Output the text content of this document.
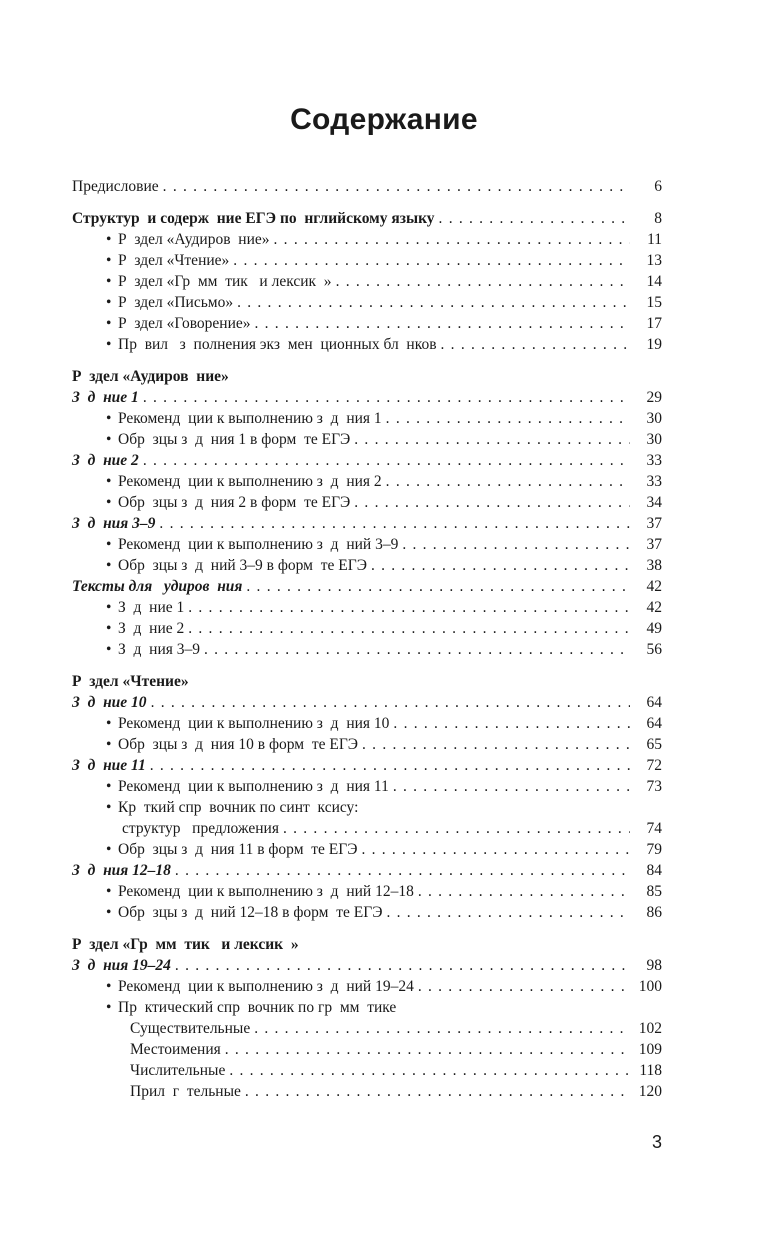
Содержание
Предисловие . . .	6
Структур  и содерж  ние ЕГЭ по  нглийскому языку . . .	8
• Р  здел «Аудиров  ние» . . .	11
• Р  здел «Чтение» . . .	13
• Р  здел «Гр  мм  тик   и лексик  » . . .	14
• Р  здел «Письмо» . . .	15
• Р  здел «Говорение» . . .	17
• Пр  вил   з  полнения экз  мен  ционных бл  нков . . .	19
Р  здел «Аудиров  ние»
З  д  ние 1 . . .	29
• Рекоменд  ции к выполнению з  д  ния 1 . . .	30
• Обр  зцы з  д  ния 1 в форм  те ЕГЭ . . .	30
З  д  ние 2 . . .	33
• Рекоменд  ции к выполнению з  д  ния 2 . . .	33
• Обр  зцы з  д  ния 2 в форм  те ЕГЭ . . .	34
З  д  ния 3–9 . . .	37
• Рекоменд  ции к выполнению з  д  ний 3–9 . . .	37
• Обр  зцы з  д  ний 3–9 в форм  те ЕГЭ . . .	38
Тексты для   удиров  ния . . .	42
• З  д  ние 1 . . .	42
• З  д  ние 2 . . .	49
• З  д  ния 3–9 . . .	56
Р  здел «Чтение»
З  д  ние 10 . . .	64
• Рекоменд  ции к выполнению з  д  ния 10 . . .	64
• Обр  зцы з  д  ния 10 в форм  те ЕГЭ . . .	65
З  д  ние 11 . . .	72
• Рекоменд  ции к выполнению з  д  ния 11 . . .	73
• Кр  ткий спр  вочник по синт  ксису:
структур   предложения . . .	74
• Обр  зцы з  д  ния 11 в форм  те ЕГЭ . . .	79
З  д  ния 12–18 . . .	84
• Рекоменд  ции к выполнению з  д  ний 12–18 . . .	85
• Обр  зцы з  д  ний 12–18 в форм  те ЕГЭ . . .	86
Р  здел «Гр  мм  тик   и лексик  »
З  д  ния 19–24 . . .	98
• Рекоменд  ции к выполнению з  д  ний 19–24 . . .	100
• Пр  ктический спр  вочник по гр  мм  тике
Существительные . . .	102
Местоимения . . .	109
Числительные . . .	118
Прил  г  тельные . . .	120
3
